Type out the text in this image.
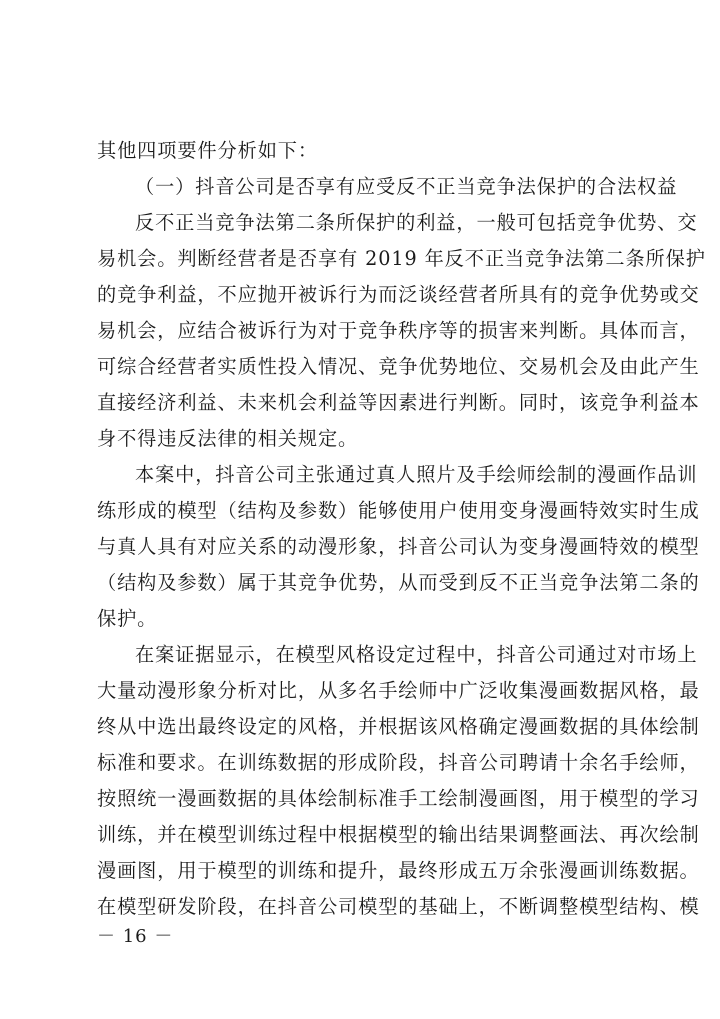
其他四项要件分析如下：
（一）抖音公司是否享有应受反不正当竞争法保护的合法权益
反不正当竞争法第二条所保护的利益，一般可包括竞争优势、交
易机会。判断经营者是否享有 2019 年反不正当竞争法第二条所保护
的竞争利益，不应抛开被诉行为而泛谈经营者所具有的竞争优势或交
易机会，应结合被诉行为对于竞争秩序等的损害来判断。具体而言，
可综合经营者实质性投入情况、竞争优势地位、交易机会及由此产生
直接经济利益、未来机会利益等因素进行判断。同时，该竞争利益本
身不得违反法律的相关规定。
本案中，抖音公司主张通过真人照片及手绘师绘制的漫画作品训
练形成的模型（结构及参数）能够使用户使用变身漫画特效实时生成
与真人具有对应关系的动漫形象，抖音公司认为变身漫画特效的模型
（结构及参数）属于其竞争优势，从而受到反不正当竞争法第二条的
保护。
在案证据显示，在模型风格设定过程中，抖音公司通过对市场上
大量动漫形象分析对比，从多名手绘师中广泛收集漫画数据风格，最
终从中选出最终设定的风格，并根据该风格确定漫画数据的具体绘制
标准和要求。在训练数据的形成阶段，抖音公司聘请十余名手绘师，
按照统一漫画数据的具体绘制标准手工绘制漫画图，用于模型的学习
训练，并在模型训练过程中根据模型的输出结果调整画法、再次绘制
漫画图，用于模型的训练和提升，最终形成五万余张漫画训练数据。
在模型研发阶段，在抖音公司模型的基础上，不断调整模型结构、模
－ 16 －
